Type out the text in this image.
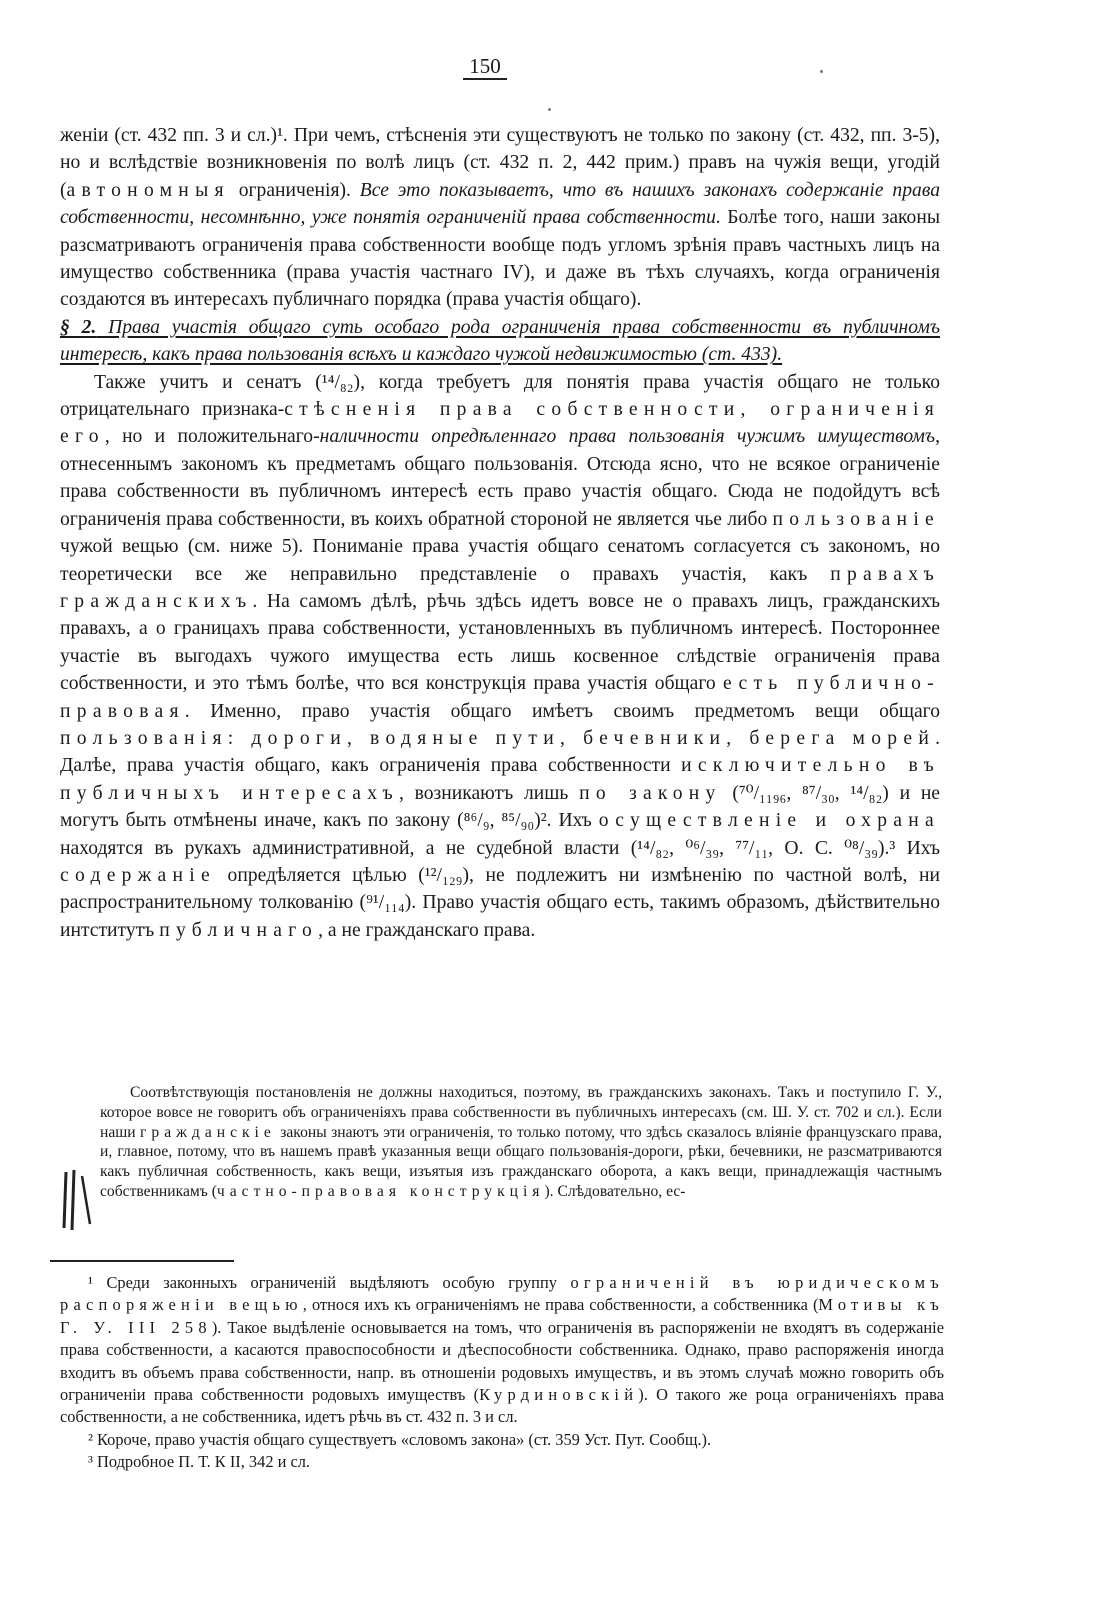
150

женіи (ст. 432 пп. 3 и сл.)¹. При чемъ, стѣсненія эти существуютъ не только по закону (ст. 432, пп. 3-5), но и вслѣдствіе возникновенія по волѣ лицъ (ст. 432 п. 2, 442 прим.) правъ на чужія вещи, угодій (автономныя ограниченія). Все это показываетъ, что въ нашихъ законахъ содержаніе права собственности, несомнѣнно, уже понятія ограниченій права собственности. Болѣе того, наши законы разсматриваютъ ограниченія права собственности вообще подъ угломъ зрѣнія правъ частныхъ лицъ на имущество собственника (права участія частнаго IV), и даже въ тѣхъ случаяхъ, когда ограниченія создаются въ интересахъ публичнаго порядка (права участія общаго).

§ 2. Права участія общаго суть особаго рода ограниченія права собственности въ публичномъ интересѣ, какъ права пользованія всѣхъ и каждаго чужой недвижимостью (ст. 433).

Также учитъ и сенатъ (¹⁴/₈₂), когда требуетъ для понятія права участія общаго не только отрицательнаго признака-стѣсненія права собственности, ограниченія его, но и положительнаго-наличности опредѣленнаго права пользованія чужимъ имуществомъ, отнесеннымъ закономъ къ предметамъ общаго пользованія. Отсюда ясно, что не всякое ограниченіе права собственности въ публичномъ интересѣ есть право участія общаго. Сюда не подойдутъ всѣ ограниченія права собственности, въ коихъ обратной стороной не является чье либо пользованіе чужой вещью (см. ниже 5). Пониманіе права участія общаго сенатомъ согласуется съ закономъ, но теоретически все же неправильно представленіе о правахъ участія, какъ правахъ гражданскихъ. На самомъ дѣлѣ, рѣчь здѣсь идетъ вовсе не о правахъ лицъ, гражданскихъ правахъ, а о границахъ права собственности, установленныхъ въ публичномъ интересѣ. Постороннее участіе въ выгодахъ чужого имущества есть лишь косвенное слѣдствіе ограниченія права собственности, и это тѣмъ болѣе, что вся конструкція права участія общаго есть публично-правовая. Именно, право участія общаго имѣетъ своимъ предметомъ вещи общаго пользованія: дороги, водяные пути, бечевники, берега морей. Далѣе, права участія общаго, какъ ограниченія права собственности исключительно въ публичныхъ интересахъ, возникаютъ лишь по закону (⁷⁰/₁₁₉₆, ⁸⁷/₃₀, ¹⁴/₈₂) и не могутъ быть отмѣнены иначе, какъ по закону (⁸⁶/₉, ⁸⁵/₉₀)². Ихъ осуществленіе и охрана находятся въ рукахъ административной, а не судебной власти (¹⁴/₈₂, ⁰⁶/₃₉, ⁷⁷/₁₁, О. С. ⁰⁸/₃₉).³ Ихъ содержаніе опредѣляется цѣлью (¹²/₁₂₉), не подлежитъ ни измѣненію по частной волѣ, ни распространительному толкованію (⁹¹/₁₁₄). Право участія общаго есть, такимъ образомъ, дѣйствительно интститутъ публичнаго, а не гражданскаго права.

Соотвѣтствующія постановленія не должны находиться, поэтому, въ гражданскихъ законахъ. Такъ и поступило Г. У., которое вовсе не говоритъ объ ограниченіяхъ права собственности въ публичныхъ интересахъ (см. Ш. У. ст. 702 и сл.). Если наши гражданскіе законы знаютъ эти ограниченія, то только потому, что здѣсь сказалось вліяніе французскаго права, и, главное, потому, что въ нашемъ правѣ указанныя вещи общаго пользованія-дороги, рѣки, бечевники, не разсматриваются какъ публичная собственность, какъ вещи, изъятыя изъ гражданскаго оборота, а какъ вещи, принадлежащія частнымъ собственникамъ (частно-правовая конструкція). Слѣдовательно, ес-

¹ Среди законныхъ ограниченій выдѣляютъ особую группу ограниченій въ юридическомъ распоряженіи вещью, относя ихъ къ ограниченіямъ не права собственности, а собственника (Мотивы къ Г. У. III 258). Такое выдѣленіе основывается на томъ, что ограниченія въ распоряженіи не входятъ въ содержаніе права собственности, а касаются правоспособности и дѣеспособности собственника. Однако, право распоряженія иногда входитъ въ объемъ права собственности, напр. въ отношеніи родовыхъ имуществъ, и въ этомъ случаѣ можно говорить объ ограниченіи права собственности родовыхъ имуществъ (Курдиновскій). О такого же роца ограниченіяхъ права собственности, а не собственника, идетъ рѣчь въ ст. 432 п. 3 и сл.

² Короче, право участія общаго существуетъ «словомъ закона» (ст. 359 Уст. Пут. Сообщ.).

³ Подробное П. Т. К II, 342 и сл.
